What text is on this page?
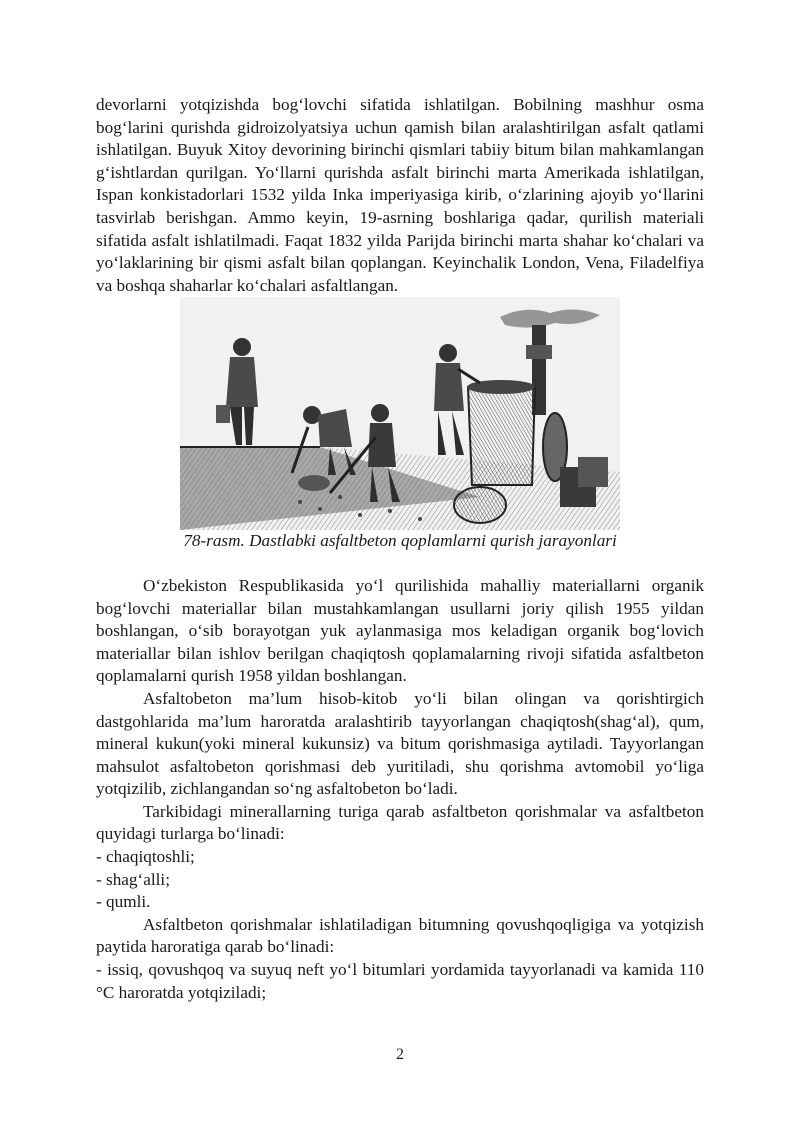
devorlarni yotqizishda bog‘lovchi sifatida ishlatilgan. Bobilning mashhur osma bog‘larini qurishda gidroizolyatsiya uchun qamish bilan aralashtirilgan asfalt qatlami ishlatilgan. Buyuk Xitoy devorining birinchi qismlari tabiiy bitum bilan mahkamlangan g‘ishtlardan qurilgan. Yo‘llarni qurishda asfalt birinchi marta Amerikada ishlatilgan, Ispan konkistadorlari 1532 yilda Inka imperiyasiga kirib, o‘zlarining ajoyib yo‘llarini tasvirlab berishgan. Ammo keyin, 19-asrning boshlariga qadar, qurilish materiali sifatida asfalt ishlatilmadi. Faqat 1832 yilda Parijda birinchi marta shahar ko‘chalari va yo‘laklarining bir qismi asfalt bilan qoplangan. Keyinchalik London, Vena, Filadelfiya va boshqa shaharlar ko‘chalari asfaltlangan.

78-rasm. Dastlabki asfaltbeton qoplamlarni qurish jarayonlari

O‘zbekiston Respublikasida yo‘l qurilishida mahalliy materiallarni organik bog‘lovchi materiallar bilan mustahkamlangan usullarni joriy qilish 1955 yildan boshlangan, o‘sib borayotgan yuk aylanmasiga mos keladigan organik bog‘lovich materiallar bilan ishlov berilgan chaqiqtosh qoplamalarning rivoji sifatida asfaltbeton qoplamalarni qurish 1958 yildan boshlangan.

Asfaltobeton ma’lum hisob-kitob yo‘li bilan olingan va qorishtirgich dastgohlarida ma’lum haroratda aralashtirib tayyorlangan chaqiqtosh(shag‘al), qum, mineral kukun(yoki mineral kukunsiz) va bitum qorishmasiga aytiladi. Tayyorlangan mahsulot asfaltobeton qorishmasi deb yuritiladi, shu qorishma avtomobil yo‘liga yotqizilib, zichlangandan so‘ng asfaltobeton bo‘ladi.

Tarkibidagi minerallarning turiga qarab asfaltbeton qorishmalar va asfaltbeton quyidagi turlarga bo‘linadi:

- chaqiqtoshli;

- shag‘alli;

- qumli.

Asfaltbeton qorishmalar ishlatiladigan bitumning qovushqoqligiga va yotqizish paytida haroratiga qarab bo‘linadi:

- issiq, qovushqoq va suyuq neft yo‘l bitumlari yordamida tayyorlanadi va kamida 110 °C haroratda yotqiziladi;

2
